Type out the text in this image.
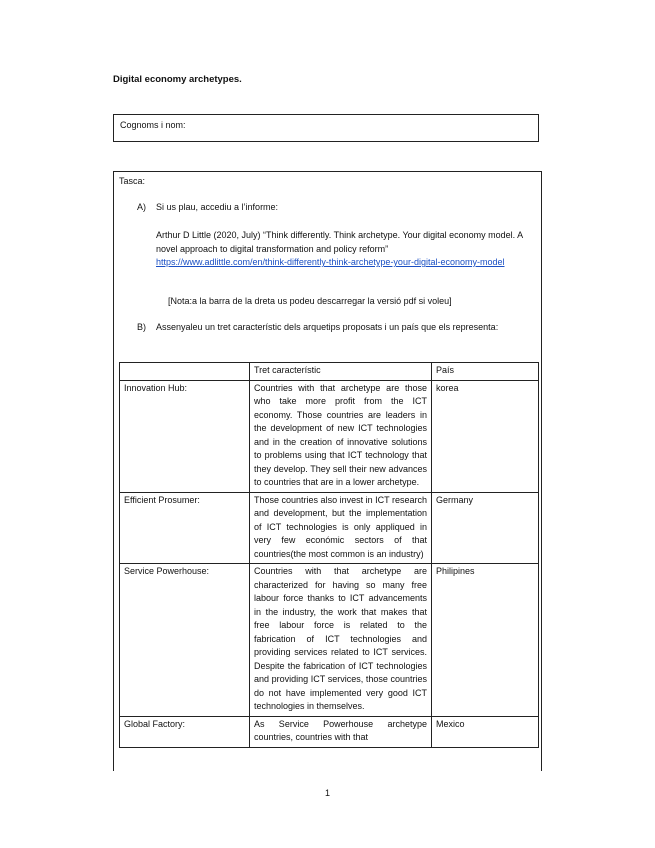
Digital economy archetypes.
Cognoms i nom:
Tasca:
A) Si us plau, accediu a l’informe:
Arthur D Little (2020, July) “Think differently. Think archetype. Your digital economy model. A novel approach to digital transformation and policy reform”
https://www.adlittle.com/en/think-differently-think-archetype-your-digital-economy-model
[Nota:a la barra de la dreta us podeu descarregar la versió pdf si voleu]
B) Assenyaleu un tret característic dels arquetips proposats i un país que els representa:
	Tret característic	País
Innovation Hub:	Countries with that archetype are those who take more profit from the ICT economy. Those countries are leaders in the development of new ICT technologies and in the creation of innovative solutions to problems using that ICT technology that they develop. They sell their new advances to countries that are in a lower archetype.	korea
Efficient Prosumer:	Those countries also invest in ICT research and development, but the implementation of ICT technologies is only appliqued in very few económic sectors of that countries(the most common is an industry)	Germany
Service Powerhouse:	Countries with that archetype are characterized for having so many free labour force thanks to ICT advancements in the industry, the work that makes that free labour force is related to the fabrication of ICT technologies and providing services related to ICT services. Despite the fabrication of ICT technologies and providing ICT services, those countries do not have implemented very good ICT technologies in themselves.	Philipines
Global Factory:	As Service Powerhouse archetype countries, countries with that	Mexico
1
